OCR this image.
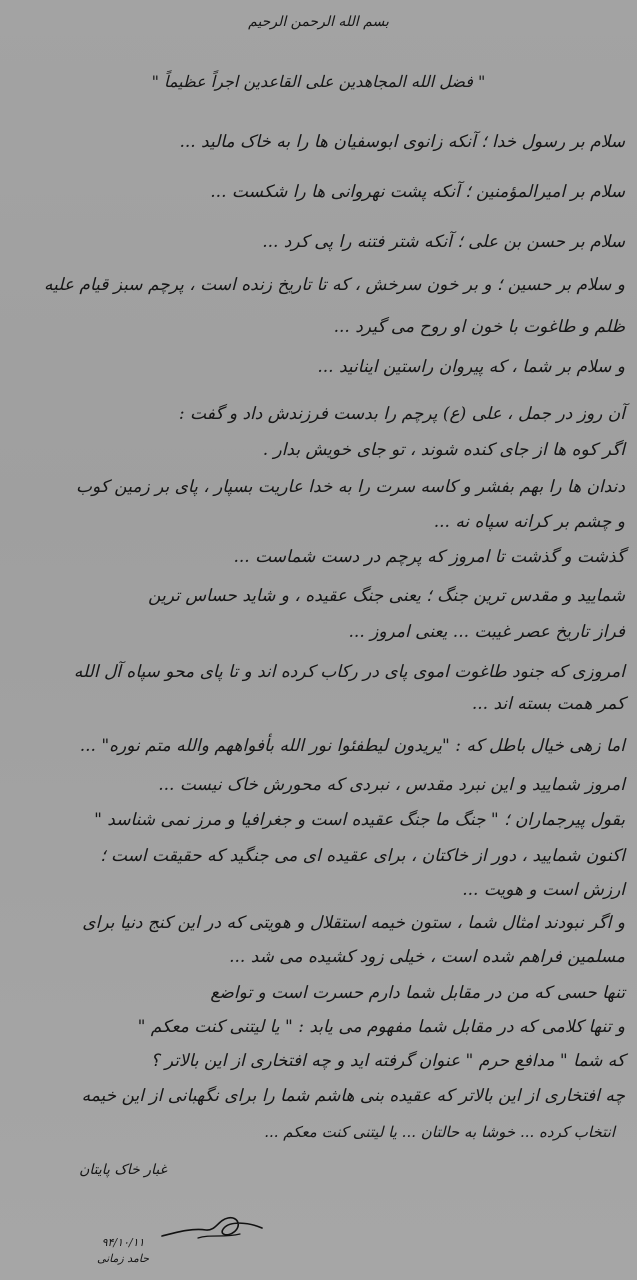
بسم الله الرحمن الرحیم
" فضل الله المجاهدین علی القاعدین اجراً عظیماً "
سلام بر رسول خدا ؛ آنکه زانوی ابوسفیان ها را به خاک مالید ...
سلام بر امیرالمؤمنین ؛ آنکه پشت نهروانی ها را شکست ...
سلام بر حسن بن علی ؛ آنکه شتر فتنه را پی کرد ...
و سلام بر حسین ؛ و بر خون سرخش ، که تا تاریخ زنده است ، پرچم سبز قیام علیه
ظلم و طاغوت با خون او روح می گیرد ...
و سلام بر شما ، که پیروان راستین اینانید ...
آن روز در جمل ، علی (ع) پرچم را بدست فرزندش داد و گفت :
اگر کوه ها از جای کنده شوند ، تو جای خویش بدار .
دندان ها را بهم بفشر و کاسه سرت را به خدا عاریت بسپار ، پای بر زمین کوب
و چشم بر کرانه سپاه نه ...
گذشت و گذشت تا امروز که پرچم در دست شماست ...
شمایید و مقدس ترین جنگ ؛ یعنی جنگ عقیده ، و شاید حساس ترین
فراز تاریخ عصر غیبت ... یعنی امروز ...
امروزی که جنود طاغوت اموی پای در رکاب کرده اند و تا پای محو سپاه آل الله
کمر همت بسته اند ...
اما زهی خیال باطل که : "یریدون لیطفئوا نور الله بأفواههم والله متم نوره" ...
امروز شمایید و این نبرد مقدس ، نبردی که محورش خاک نیست ...
بقول پیرجماران ؛ " جنگ ما جنگ عقیده است و جغرافیا و مرز نمی شناسد "
اکنون شمایید ، دور از خاکتان ، برای عقیده ای می جنگید که حقیقت است ؛
ارزش است و هویت ...
و اگر نبودند امثال شما ، ستون خیمه استقلال و هویتی که در این کنج دنیا برای
مسلمین فراهم شده است ، خیلی زود کشیده می شد ...
تنها حسی که من در مقابل شما دارم حسرت است و تواضع
و تنها کلامی که در مقابل شما مفهوم می یابد : " یا لیتنی کنت معکم "
که شما " مدافع حرم " عنوان گرفته اید و چه افتخاری از این بالاتر ؟
چه افتخاری از این بالاتر که عقیده بنی هاشم شما را برای نگهبانی از این خیمه
انتخاب کرده ... خوشا به حالتان ... یا لیتنی کنت معکم ...
غبار خاک پایتان
۹۴/۱۰/۱۱
حامد زمانی
